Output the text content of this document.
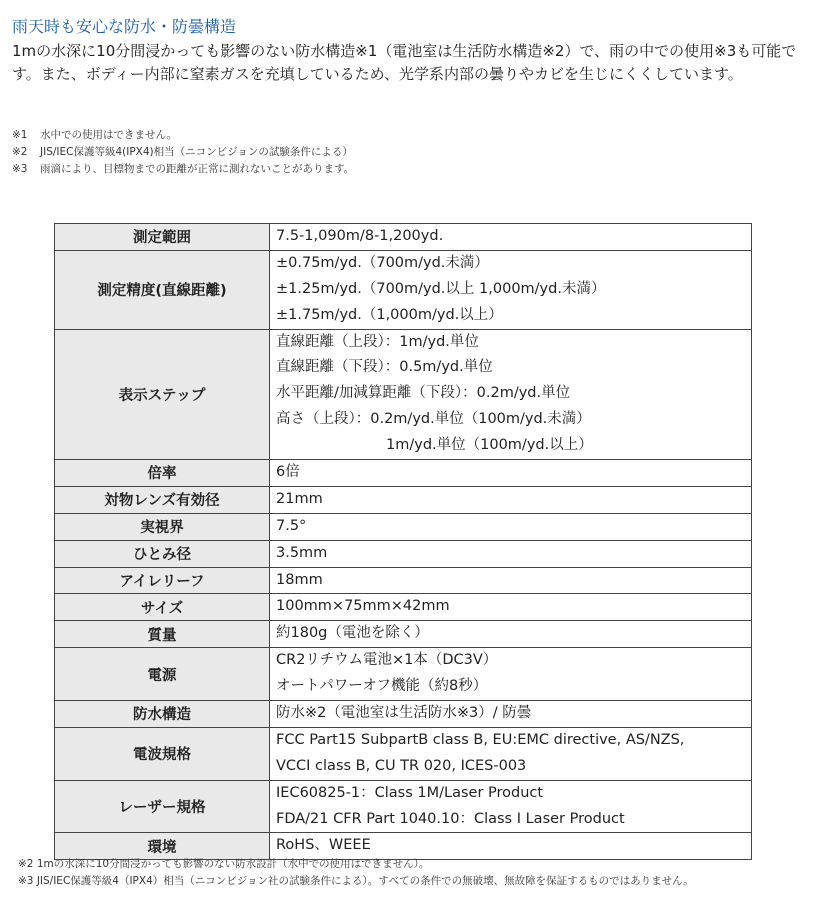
雨天時も安心な防水・防曇構造

1mの水深に10分間浸かっても影響のない防水構造※1（電池室は生活防水構造※2）で、雨の中での使用※3も可能です。また、ボディー内部に窒素ガスを充填しているため、光学系内部の曇りやカビを生じにくくしています。

※1 水中での使用はできません。
※2 JIS/IEC保護等級4(IPX4)相当（ニコンビジョンの試験条件による）
※3 雨滴により、目標物までの距離が正常に測れないことがあります。
測定範囲	7.5-1,090m/8-1,200yd.

測定精度(直線距離)	±0.75m/yd.（700m/yd.未満）
±1.25m/yd.（700m/yd.以上 1,000m/yd.未満）
±1.75m/yd.（1,000m/yd.以上）

表示ステップ	直線距離（上段）：1m/yd.単位
直線距離（下段）：0.5m/yd.単位
水平距離/加減算距離（下段）：0.2m/yd.単位
高さ（上段）：0.2m/yd.単位（100m/yd.未満）
1m/yd.単位（100m/yd.以上）

倍率	6倍

対物レンズ有効径	21mm

実視界	7.5°

ひとみ径	3.5mm

アイレリーフ	18mm

サイズ	100mm×75mm×42mm

質量	約180g（電池を除く）

電源	CR2リチウム電池×1本（DC3V）
オートパワーオフ機能（約8秒）

防水構造	防水※2（電池室は生活防水※3）/ 防曇

電波規格	FCC Part15 SubpartB class B, EU:EMC directive, AS/NZS,
VCCI class B, CU TR 020, ICES-003

レーザー規格	IEC60825-1：Class 1M/Laser Product
FDA/21 CFR Part 1040.10：Class I Laser Product

環境	RoHS、WEEE
※2 1mの水深に10分間浸かっても影響のない防水設計（水中での使用はできません）。
※3 JIS/IEC保護等級4（IPX4）相当（ニコンビジョン社の試験条件による）。すべての条件での無破壊、無故障を保証するものではありません。
